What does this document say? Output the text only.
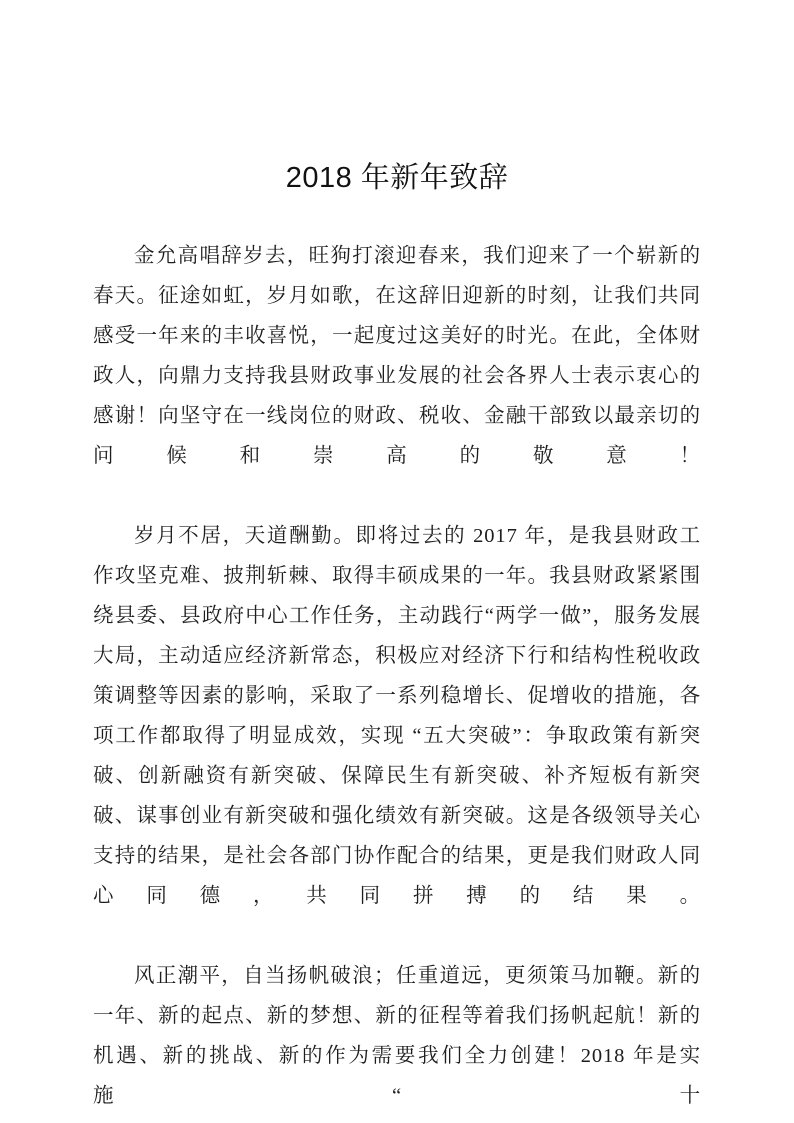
2018 年新年致辞

金允高唱辞岁去，旺狗打滚迎春来，我们迎来了一个崭新的春天。征途如虹，岁月如歌，在这辞旧迎新的时刻，让我们共同感受一年来的丰收喜悦，一起度过这美好的时光。在此，全体财政人，向鼎力支持我县财政事业发展的社会各界人士表示衷心的感谢！向坚守在一线岗位的财政、税收、金融干部致以最亲切的问候和崇高的敬意！

岁月不居，天道酬勤。即将过去的 2017 年，是我县财政工作攻坚克难、披荆斩棘、取得丰硕成果的一年。我县财政紧紧围绕县委、县政府中心工作任务，主动践行“两学一做”，服务发展大局，主动适应经济新常态，积极应对经济下行和结构性税收政策调整等因素的影响，采取了一系列稳增长、促增收的措施，各项工作都取得了明显成效，实现 “五大突破”：争取政策有新突破、创新融资有新突破、保障民生有新突破、补齐短板有新突破、谋事创业有新突破和强化绩效有新突破。这是各级领导关心支持的结果，是社会各部门协作配合的结果，更是我们财政人同心同德，共同拼搏的结果。

风正潮平，自当扬帆破浪；任重道远，更须策马加鞭。新的一年、新的起点、新的梦想、新的征程等着我们扬帆起航！新的机遇、新的挑战、新的作为需要我们全力创建！2018 年是实施“十
